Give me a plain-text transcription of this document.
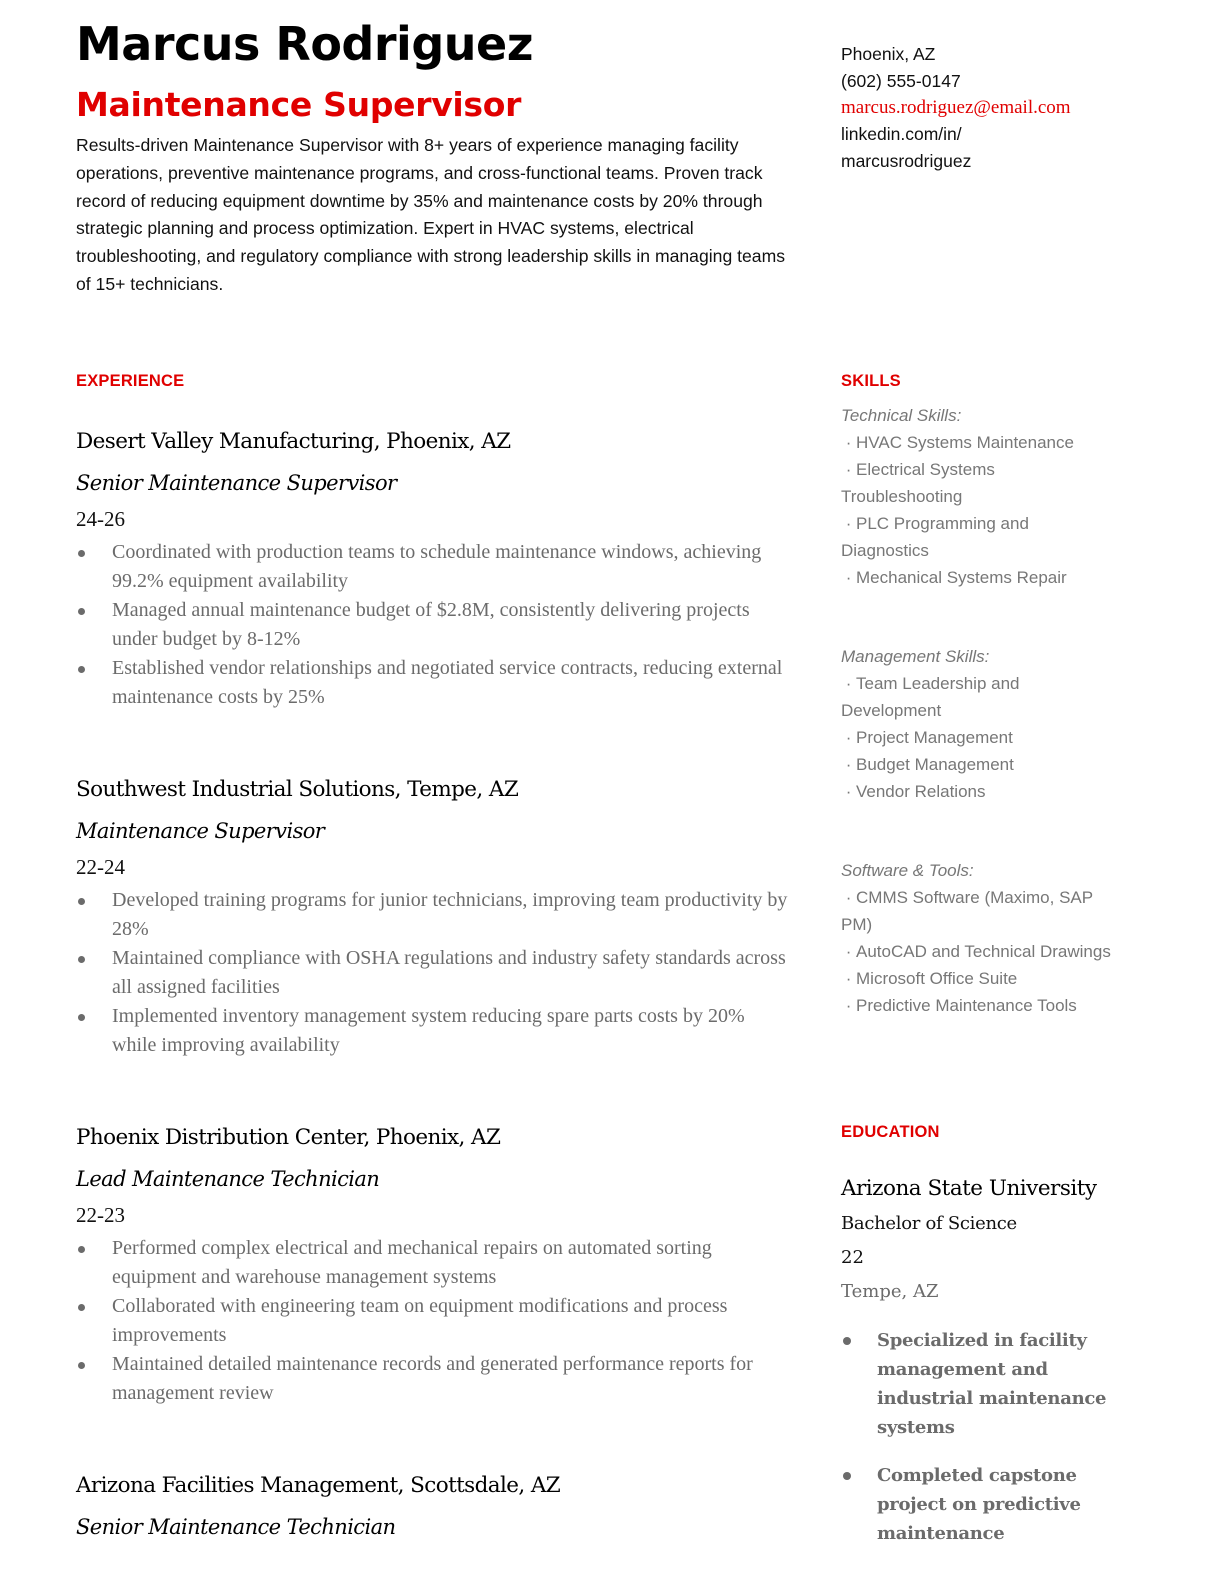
Marcus Rodriguez
Maintenance Supervisor

Results-driven Maintenance Supervisor with 8+ years of experience managing facility operations, preventive maintenance programs, and cross-functional teams. Proven track record of reducing equipment downtime by 35% and maintenance costs by 20% through strategic planning and process optimization. Expert in HVAC systems, electrical troubleshooting, and regulatory compliance with strong leadership skills in managing teams of 15+ technicians.

EXPERIENCE

Desert Valley Manufacturing, Phoenix, AZ

Senior Maintenance Supervisor

24-26

Coordinated with production teams to schedule maintenance windows, achieving 99.2% equipment availability
Managed annual maintenance budget of $2.8M, consistently delivering projects under budget by 8-12%
Established vendor relationships and negotiated service contracts, reducing external maintenance costs by 25%

Southwest Industrial Solutions, Tempe, AZ

Maintenance Supervisor

22-24

Developed training programs for junior technicians, improving team productivity by 28%
Maintained compliance with OSHA regulations and industry safety standards across all assigned facilities
Implemented inventory management system reducing spare parts costs by 20% while improving availability

Phoenix Distribution Center, Phoenix, AZ

Lead Maintenance Technician

22-23

Performed complex electrical and mechanical repairs on automated sorting equipment and warehouse management systems
Collaborated with engineering team on equipment modifications and process improvements
Maintained detailed maintenance records and generated performance reports for management review

Arizona Facilities Management, Scottsdale, AZ

Senior Maintenance Technician

Phoenix, AZ
(602) 555-0147
marcus.rodriguez@email.com
linkedin.com/in/
marcusrodriguez
SKILLS
Technical Skills:
· HVAC Systems Maintenance
· Electrical Systems Troubleshooting
· PLC Programming and Diagnostics
· Mechanical Systems Repair
Management Skills:
· Team Leadership and Development
· Project Management
· Budget Management
· Vendor Relations
Software & Tools:
· CMMS Software (Maximo, SAP PM)
· AutoCAD and Technical Drawings
· Microsoft Office Suite
· Predictive Maintenance Tools
EDUCATION

Arizona State University

Bachelor of Science

22

Tempe, AZ

Specialized in facility management and industrial maintenance systems
Completed capstone project on predictive maintenance
